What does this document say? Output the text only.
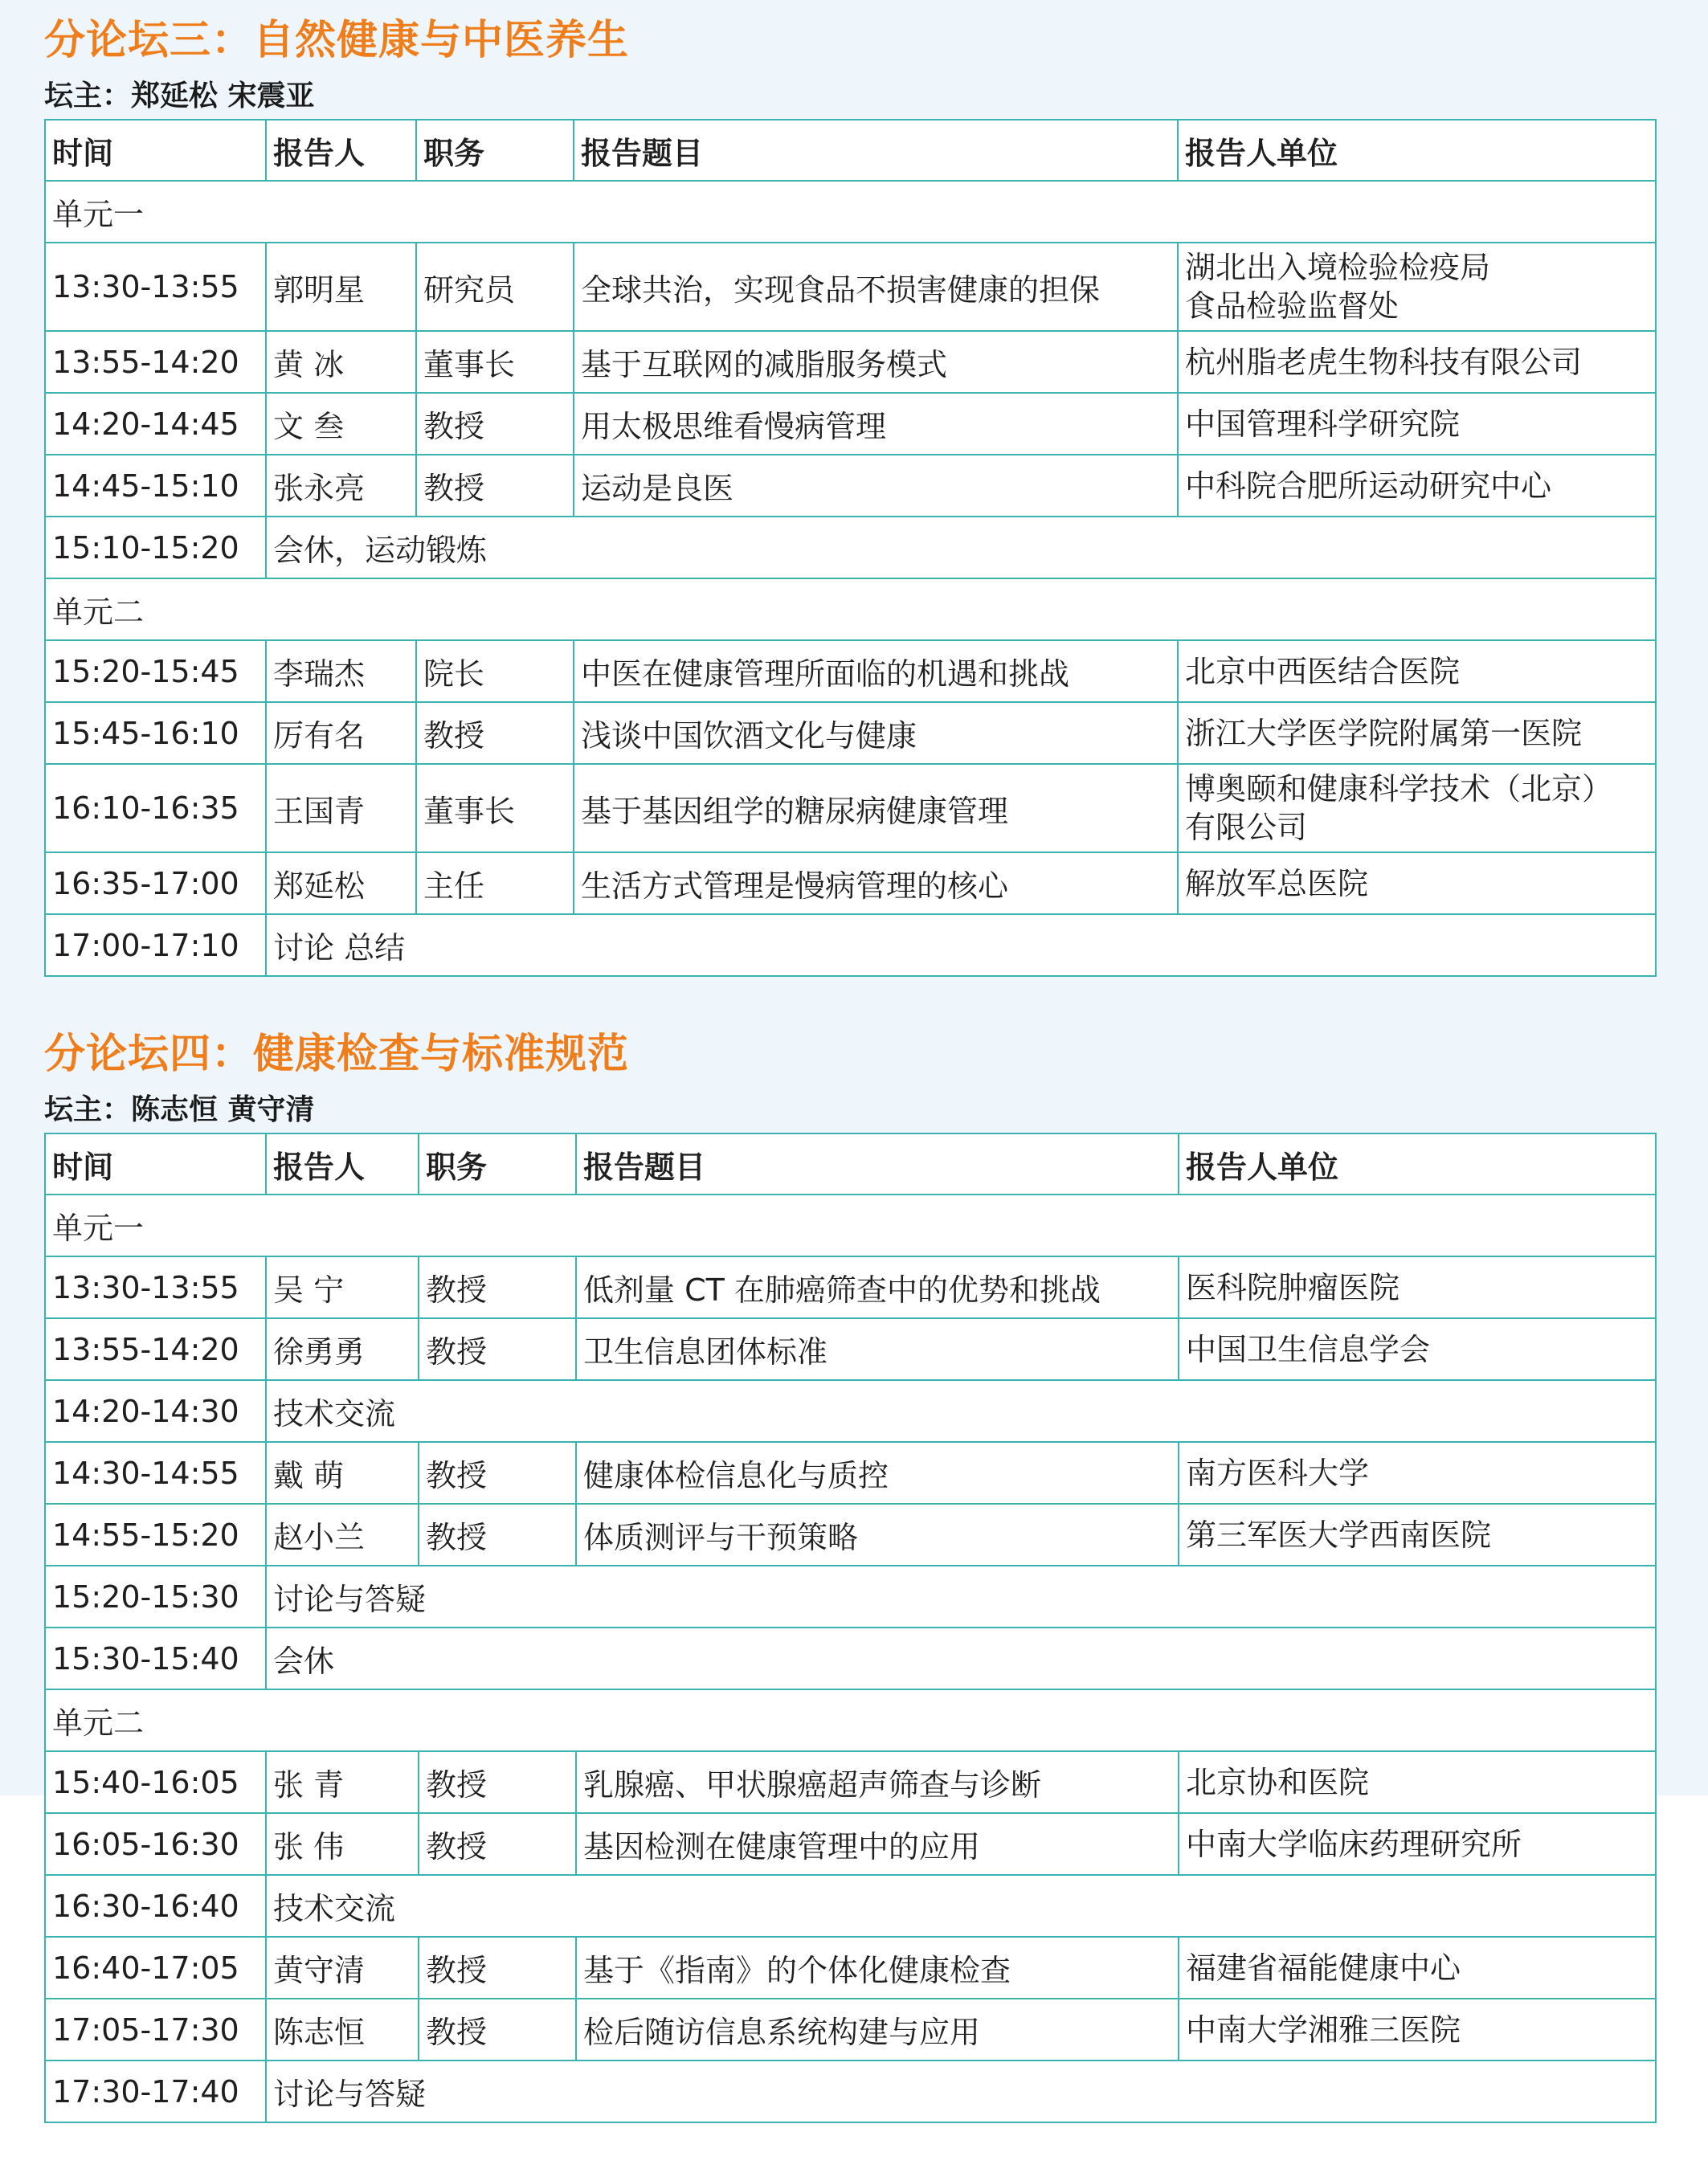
分论坛三：自然健康与中医养生

坛主：郑延松 宋震亚

时间	报告人	职务	报告题目	报告人单位
单元一				
13:30-13:55	郭明星	研究员	全球共治，实现食品不损害健康的担保	湖北出入境检验检疫局
食品检验监督处

13:55-14:20	黄 冰	董事长	基于互联网的减脂服务模式	杭州脂老虎生物科技有限公司

14:20-14:45	文 叁	教授	用太极思维看慢病管理	中国管理科学研究院

14:45-15:10	张永亮	教授	运动是良医	中科院合肥所运动研究中心

15:10-15:20	会休，运动锻炼			
单元二				
15:20-15:45	李瑞杰	院长	中医在健康管理所面临的机遇和挑战	北京中西医结合医院

15:45-16:10	厉有名	教授	浅谈中国饮酒文化与健康	浙江大学医学院附属第一医院

16:10-16:35	王国青	董事长	基于基因组学的糖尿病健康管理	博奥颐和健康科学技术（北京）
有限公司

16:35-17:00	郑延松	主任	生活方式管理是慢病管理的核心	解放军总医院

17:00-17:10	讨论 总结			
分论坛四：健康检查与标准规范

坛主：陈志恒 黄守清

时间	报告人	职务	报告题目	报告人单位
单元一				
13:30-13:55	吴 宁	教授	低剂量 CT 在肺癌筛查中的优势和挑战	医科院肿瘤医院

13:55-14:20	徐勇勇	教授	卫生信息团体标准	中国卫生信息学会

14:20-14:30	技术交流			
14:30-14:55	戴 萌	教授	健康体检信息化与质控	南方医科大学

14:55-15:20	赵小兰	教授	体质测评与干预策略	第三军医大学西南医院

15:20-15:30	讨论与答疑			
15:30-15:40	会休			
单元二				
15:40-16:05	张 青	教授	乳腺癌、甲状腺癌超声筛查与诊断	北京协和医院

16:05-16:30	张 伟	教授	基因检测在健康管理中的应用	中南大学临床药理研究所

16:30-16:40	技术交流			
16:40-17:05	黄守清	教授	基于《指南》的个体化健康检查	福建省福能健康中心

17:05-17:30	陈志恒	教授	检后随访信息系统构建与应用	中南大学湘雅三医院

17:30-17:40	讨论与答疑			
